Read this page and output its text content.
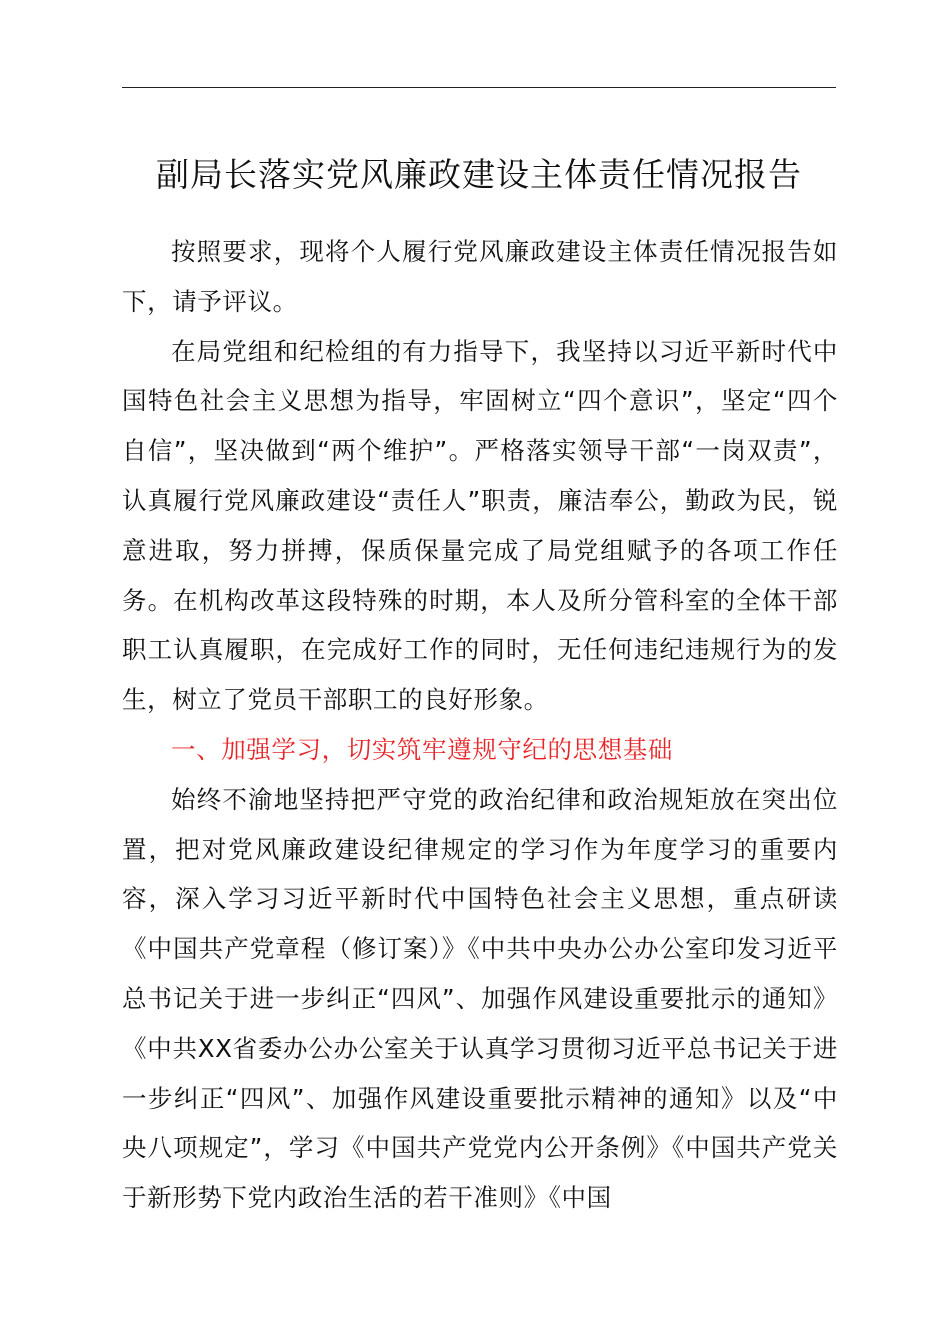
副局长落实党风廉政建设主体责任情况报告

按照要求，现将个人履行党风廉政建设主体责任情况报告如下，请予评议。

在局党组和纪检组的有力指导下，我坚持以习近平新时代中国特色社会主义思想为指导，牢固树立“四个意识”，坚定“四个自信”，坚决做到“两个维护”。严格落实领导干部“一岗双责”，认真履行党风廉政建设“责任人”职责，廉洁奉公，勤政为民，锐意进取，努力拼搏，保质保量完成了局党组赋予的各项工作任务。在机构改革这段特殊的时期，本人及所分管科室的全体干部职工认真履职，在完成好工作的同时，无任何违纪违规行为的发生，树立了党员干部职工的良好形象。

一、加强学习，切实筑牢遵规守纪的思想基础

始终不渝地坚持把严守党的政治纪律和政治规矩放在突出位置，把对党风廉政建设纪律规定的学习作为年度学习的重要内容，深入学习习近平新时代中国特色社会主义思想，重点研读《中国共产党章程（修订案）》《中共中央办公办公室印发习近平总书记关于进一步纠正“四风”、加强作风建设重要批示的通知》《中共XX省委办公办公室关于认真学习贯彻习近平总书记关于进一步纠正“四风”、加强作风建设重要批示精神的通知》以及“中央八项规定”，学习《中国共产党党内公开条例》《中国共产党关于新形势下党内政治生活的若干准则》《中国
